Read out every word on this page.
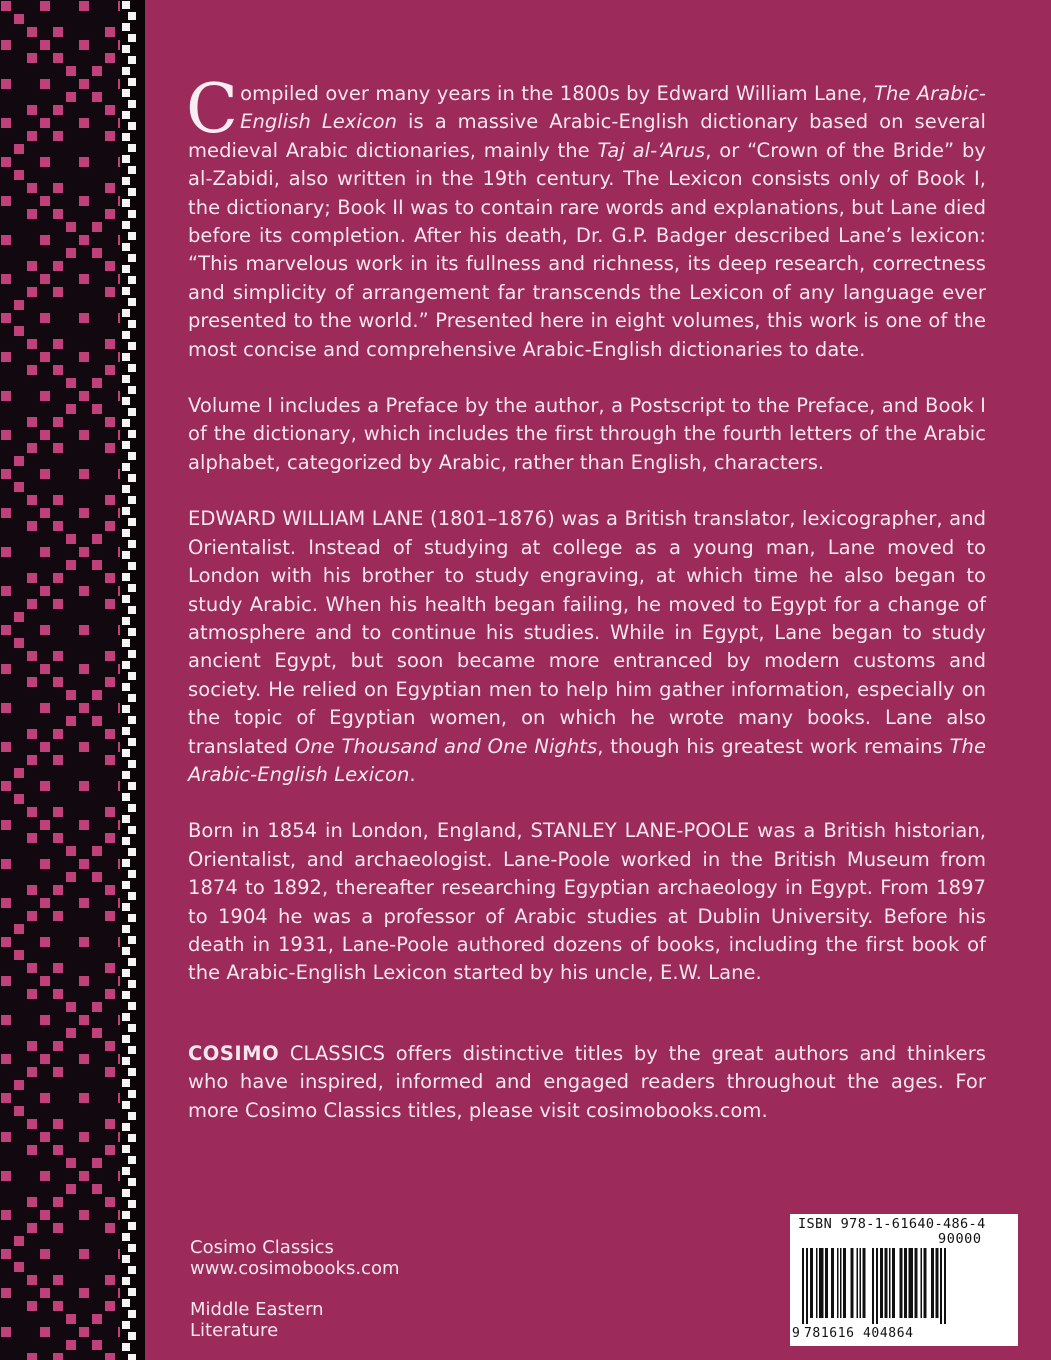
Compiled over many years in the 1800s by Edward William Lane, The Arabic-English Lexicon is a massive Arabic-English dictionary based on several medieval Arabic dictionaries, mainly the Taj al-‘Arus, or “Crown of the Bride” by al-Zabidi, also written in the 19th century. The Lexicon consists only of Book I, the dictionary; Book II was to contain rare words and explanations, but Lane died before its completion. After his death, Dr. G.P. Badger described Lane’s lexicon: “This marvelous work in its fullness and richness, its deep research, correctness and simplicity of arrangement far transcends the Lexicon of any language ever presented to the world.” Presented here in eight volumes, this work is one of the most concise and comprehensive Arabic-English dictionaries to date.

Volume I includes a Preface by the author, a Postscript to the Preface, and Book I of the dictionary, which includes the first through the fourth letters of the Arabic alphabet, categorized by Arabic, rather than English, characters.

EDWARD WILLIAM LANE (1801–1876) was a British translator, lexicographer, and Orientalist. Instead of studying at college as a young man, Lane moved to London with his brother to study engraving, at which time he also began to study Arabic. When his health began failing, he moved to Egypt for a change of atmosphere and to continue his studies. While in Egypt, Lane began to study ancient Egypt, but soon became more entranced by modern customs and society. He relied on Egyptian men to help him gather information, especially on the topic of Egyptian women, on which he wrote many books. Lane also translated One Thousand and One Nights, though his greatest work remains The Arabic-English Lexicon.

Born in 1854 in London, England, STANLEY LANE-POOLE was a British historian, Orientalist, and archaeologist. Lane-Poole worked in the British Museum from 1874 to 1892, thereafter researching Egyptian archaeology in Egypt. From 1897 to 1904 he was a professor of Arabic studies at Dublin University. Before his death in 1931, Lane-Poole authored dozens of books, including the first book of the Arabic-English Lexicon started by his uncle, E.W. Lane.

COSIMO CLASSICS offers distinctive titles by the great authors and thinkers who have inspired, informed and engaged readers throughout the ages. For more Cosimo Classics titles, please visit cosimobooks.com.

Cosimo Classics
www.cosimobooks.com
Middle Eastern
Literature
ISBN 978-1-61640-486-4
90000
9 781616 404864
